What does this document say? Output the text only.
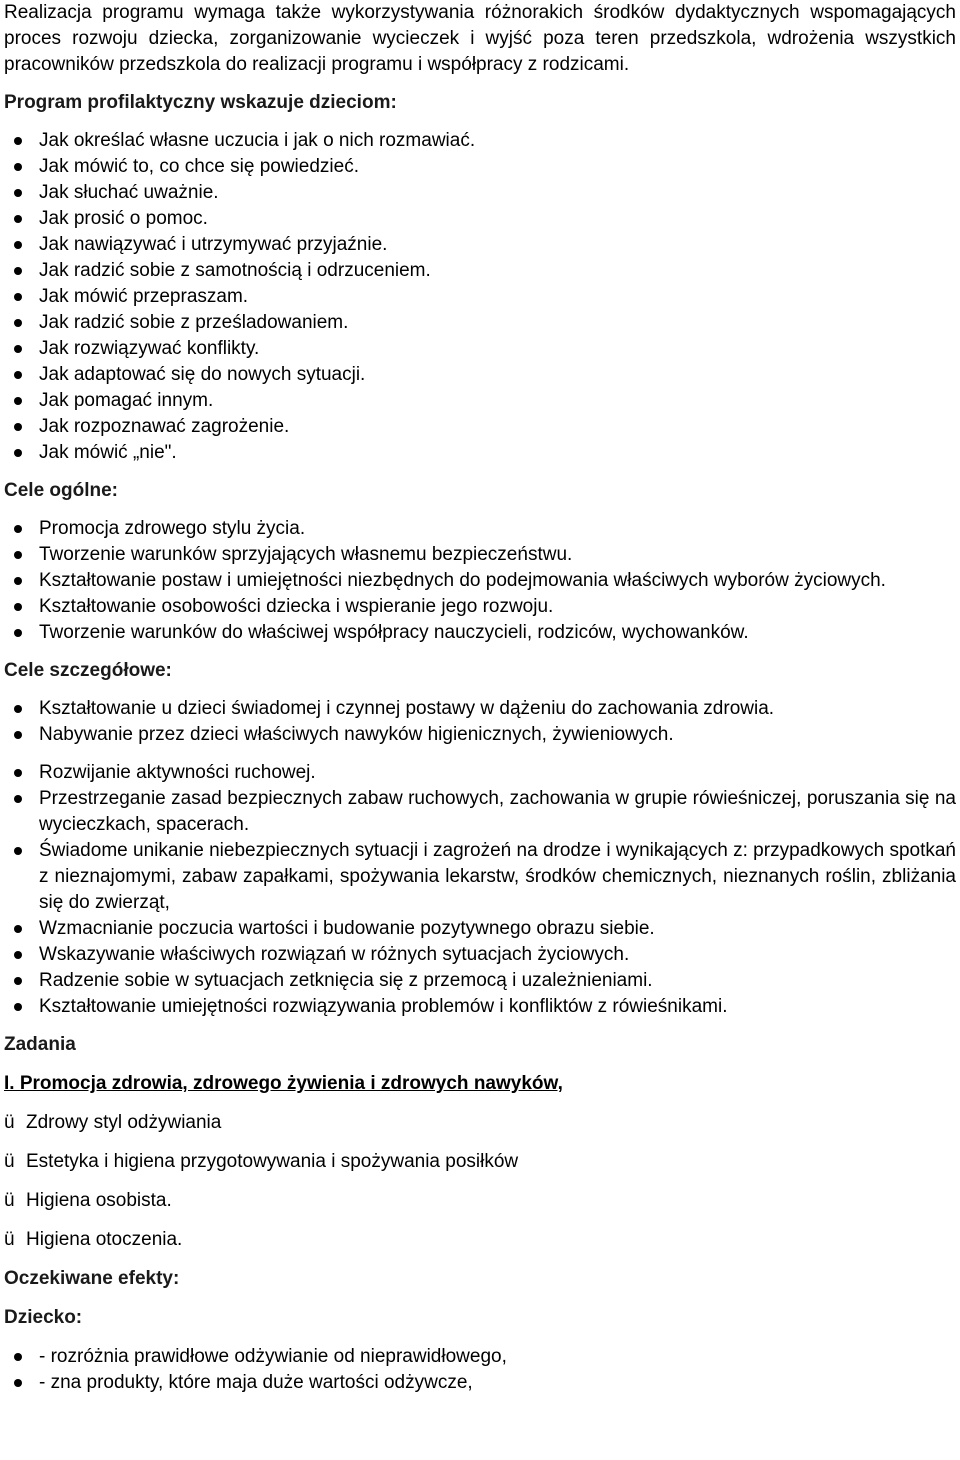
Realizacja programu wymaga także wykorzystywania różnorakich środków dydaktycznych wspomagających proces rozwoju dziecka, zorganizowanie wycieczek i wyjść poza teren przedszkola, wdrożenia wszystkich pracowników przedszkola do realizacji programu i współpracy z rodzicami.

Program profilaktyczny wskazuje dzieciom:

Jak określać własne uczucia i jak o nich rozmawiać.
Jak mówić to, co chce się powiedzieć.
Jak słuchać uważnie.
Jak prosić o pomoc.
Jak nawiązywać i utrzymywać przyjaźnie.
Jak radzić sobie z samotnością i odrzuceniem.
Jak mówić przepraszam.
Jak radzić sobie z prześladowaniem.
Jak rozwiązywać konflikty.
Jak adaptować się do nowych sytuacji.
Jak pomagać innym.
Jak rozpoznawać zagrożenie.
Jak mówić „nie".

Cele ogólne:

Promocja zdrowego stylu życia.
Tworzenie warunków sprzyjających własnemu bezpieczeństwu.
Kształtowanie postaw i umiejętności niezbędnych do podejmowania właściwych wyborów życiowych.
Kształtowanie osobowości dziecka i wspieranie jego rozwoju.
Tworzenie warunków do właściwej współpracy nauczycieli, rodziców, wychowanków.

Cele szczegółowe:

Kształtowanie u dzieci świadomej i czynnej postawy w dążeniu do zachowania zdrowia.
Nabywanie przez dzieci właściwych nawyków higienicznych, żywieniowych.
Rozwijanie aktywności ruchowej.
Przestrzeganie zasad bezpiecznych zabaw ruchowych, zachowania w grupie rówieśniczej, poruszania się na wycieczkach, spacerach.
Świadome unikanie niebezpiecznych sytuacji i zagrożeń na drodze i wynikających z: przypadkowych spotkań z nieznajomymi, zabaw zapałkami, spożywania lekarstw, środków chemicznych, nieznanych roślin, zbliżania się do zwierząt,
Wzmacnianie poczucia wartości i budowanie pozytywnego obrazu siebie.
Wskazywanie właściwych rozwiązań w różnych sytuacjach życiowych.
Radzenie sobie w sytuacjach zetknięcia się z przemocą i uzależnieniami.
Kształtowanie umiejętności rozwiązywania problemów i konfliktów z rówieśnikami.

Zadania

I. Promocja zdrowia, zdrowego żywienia i zdrowych nawyków,

ü Zdrowy styl odżywiania

ü Estetyka i higiena przygotowywania i spożywania posiłków

ü Higiena osobista.

ü Higiena otoczenia.

Oczekiwane efekty:

Dziecko:

- rozróżnia prawidłowe odżywianie od nieprawidłowego,
- zna produkty, które maja duże wartości odżywcze,
